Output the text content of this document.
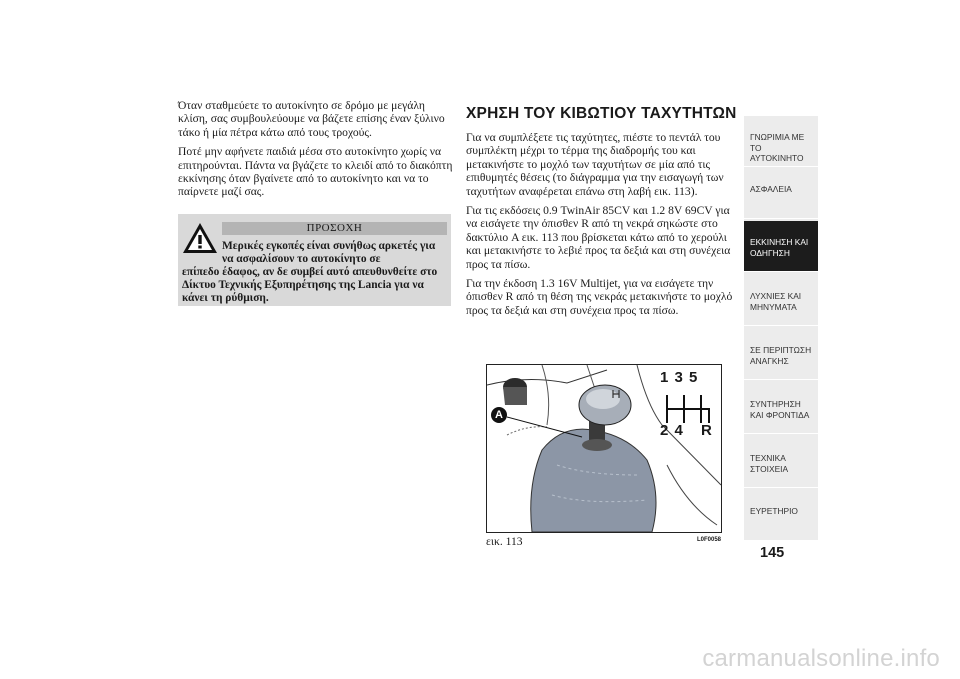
Όταν σταθμεύετε το αυτοκίνητο σε δρόμο με μεγάλη κλίση, σας συμβουλεύουμε να βάζετε επίσης έναν ξύλινο τάκο ή μία πέτρα κάτω από τους τροχούς.

Ποτέ μην αφήνετε παιδιά μέσα στο αυτοκίνητο χωρίς να επιτηρούνται. Πάντα να βγάζετε το κλειδί από το διακόπτη εκκίνησης όταν βγαίνετε από το αυτοκίνητο και να το παίρνετε μαζί σας.

ΠΡΟΣΟΧΗ
Μερικές εγκοπές είναι συνήθως αρκετές για να ασφαλίσουν το αυτοκίνητο σε
επίπεδο έδαφος, αν δε συμβεί αυτό απευθυνθείτε στο Δίκτυο Τεχνικής Εξυπηρέτησης της Lancia για να κάνει τη ρύθμιση.
ΧΡΗΣΗ ΤΟΥ ΚΙΒΩΤΙΟΥ ΤΑΧΥΤΗΤΩΝ

Για να συμπλέξετε τις ταχύτητες, πιέστε το πεντάλ του συμπλέκτη μέχρι το τέρμα της διαδρομής του και μετακινήστε το μοχλό των ταχυτήτων σε μία από τις επιθυμητές θέσεις (το διάγραμμα για την εισαγωγή των ταχυτήτων αναφέρεται επάνω στη λαβή εικ. 113).

Για τις εκδόσεις 0.9 TwinAir 85CV και 1.2 8V 69CV για να εισάγετε την όπισθεν R από τη νεκρά σηκώστε στο δακτύλιο A εικ. 113 που βρίσκεται κάτω από το χερούλι και μετακινήστε το λεβιέ προς τα δεξιά και στη συνέχεια προς τα πίσω.

Για την έκδοση 1.3 16V Multijet, για να εισάγετε την όπισθεν R από τη θέση της νεκράς μετακινήστε το μοχλό προς τα δεξιά και στη συνέχεια προς τα πίσω.

A
1 3 5
2 4 R
εικ. 113	L0F0058
ΓΝΩΡΙΜΙΑ ΜΕ ΤΟ ΑΥΤΟΚΙΝΗΤΟ
ΑΣΦΑΛΕΙΑ
ΕΚΚΙΝΗΣΗ ΚΑΙ ΟΔΗΓΗΣΗ
ΛΥΧΝΙΕΣ ΚΑΙ ΜΗΝΥΜΑΤΑ
ΣΕ ΠΕΡΙΠΤΩΣΗ ΑΝΑΓΚΗΣ
ΣΥΝΤΗΡΗΣΗ ΚΑΙ ΦΡΟΝΤΙΔΑ
ΤΕΧΝΙΚΑ ΣΤΟΙΧΕΙΑ
ΕΥΡΕΤΗΡΙΟ
145
carmanualsonline.info
